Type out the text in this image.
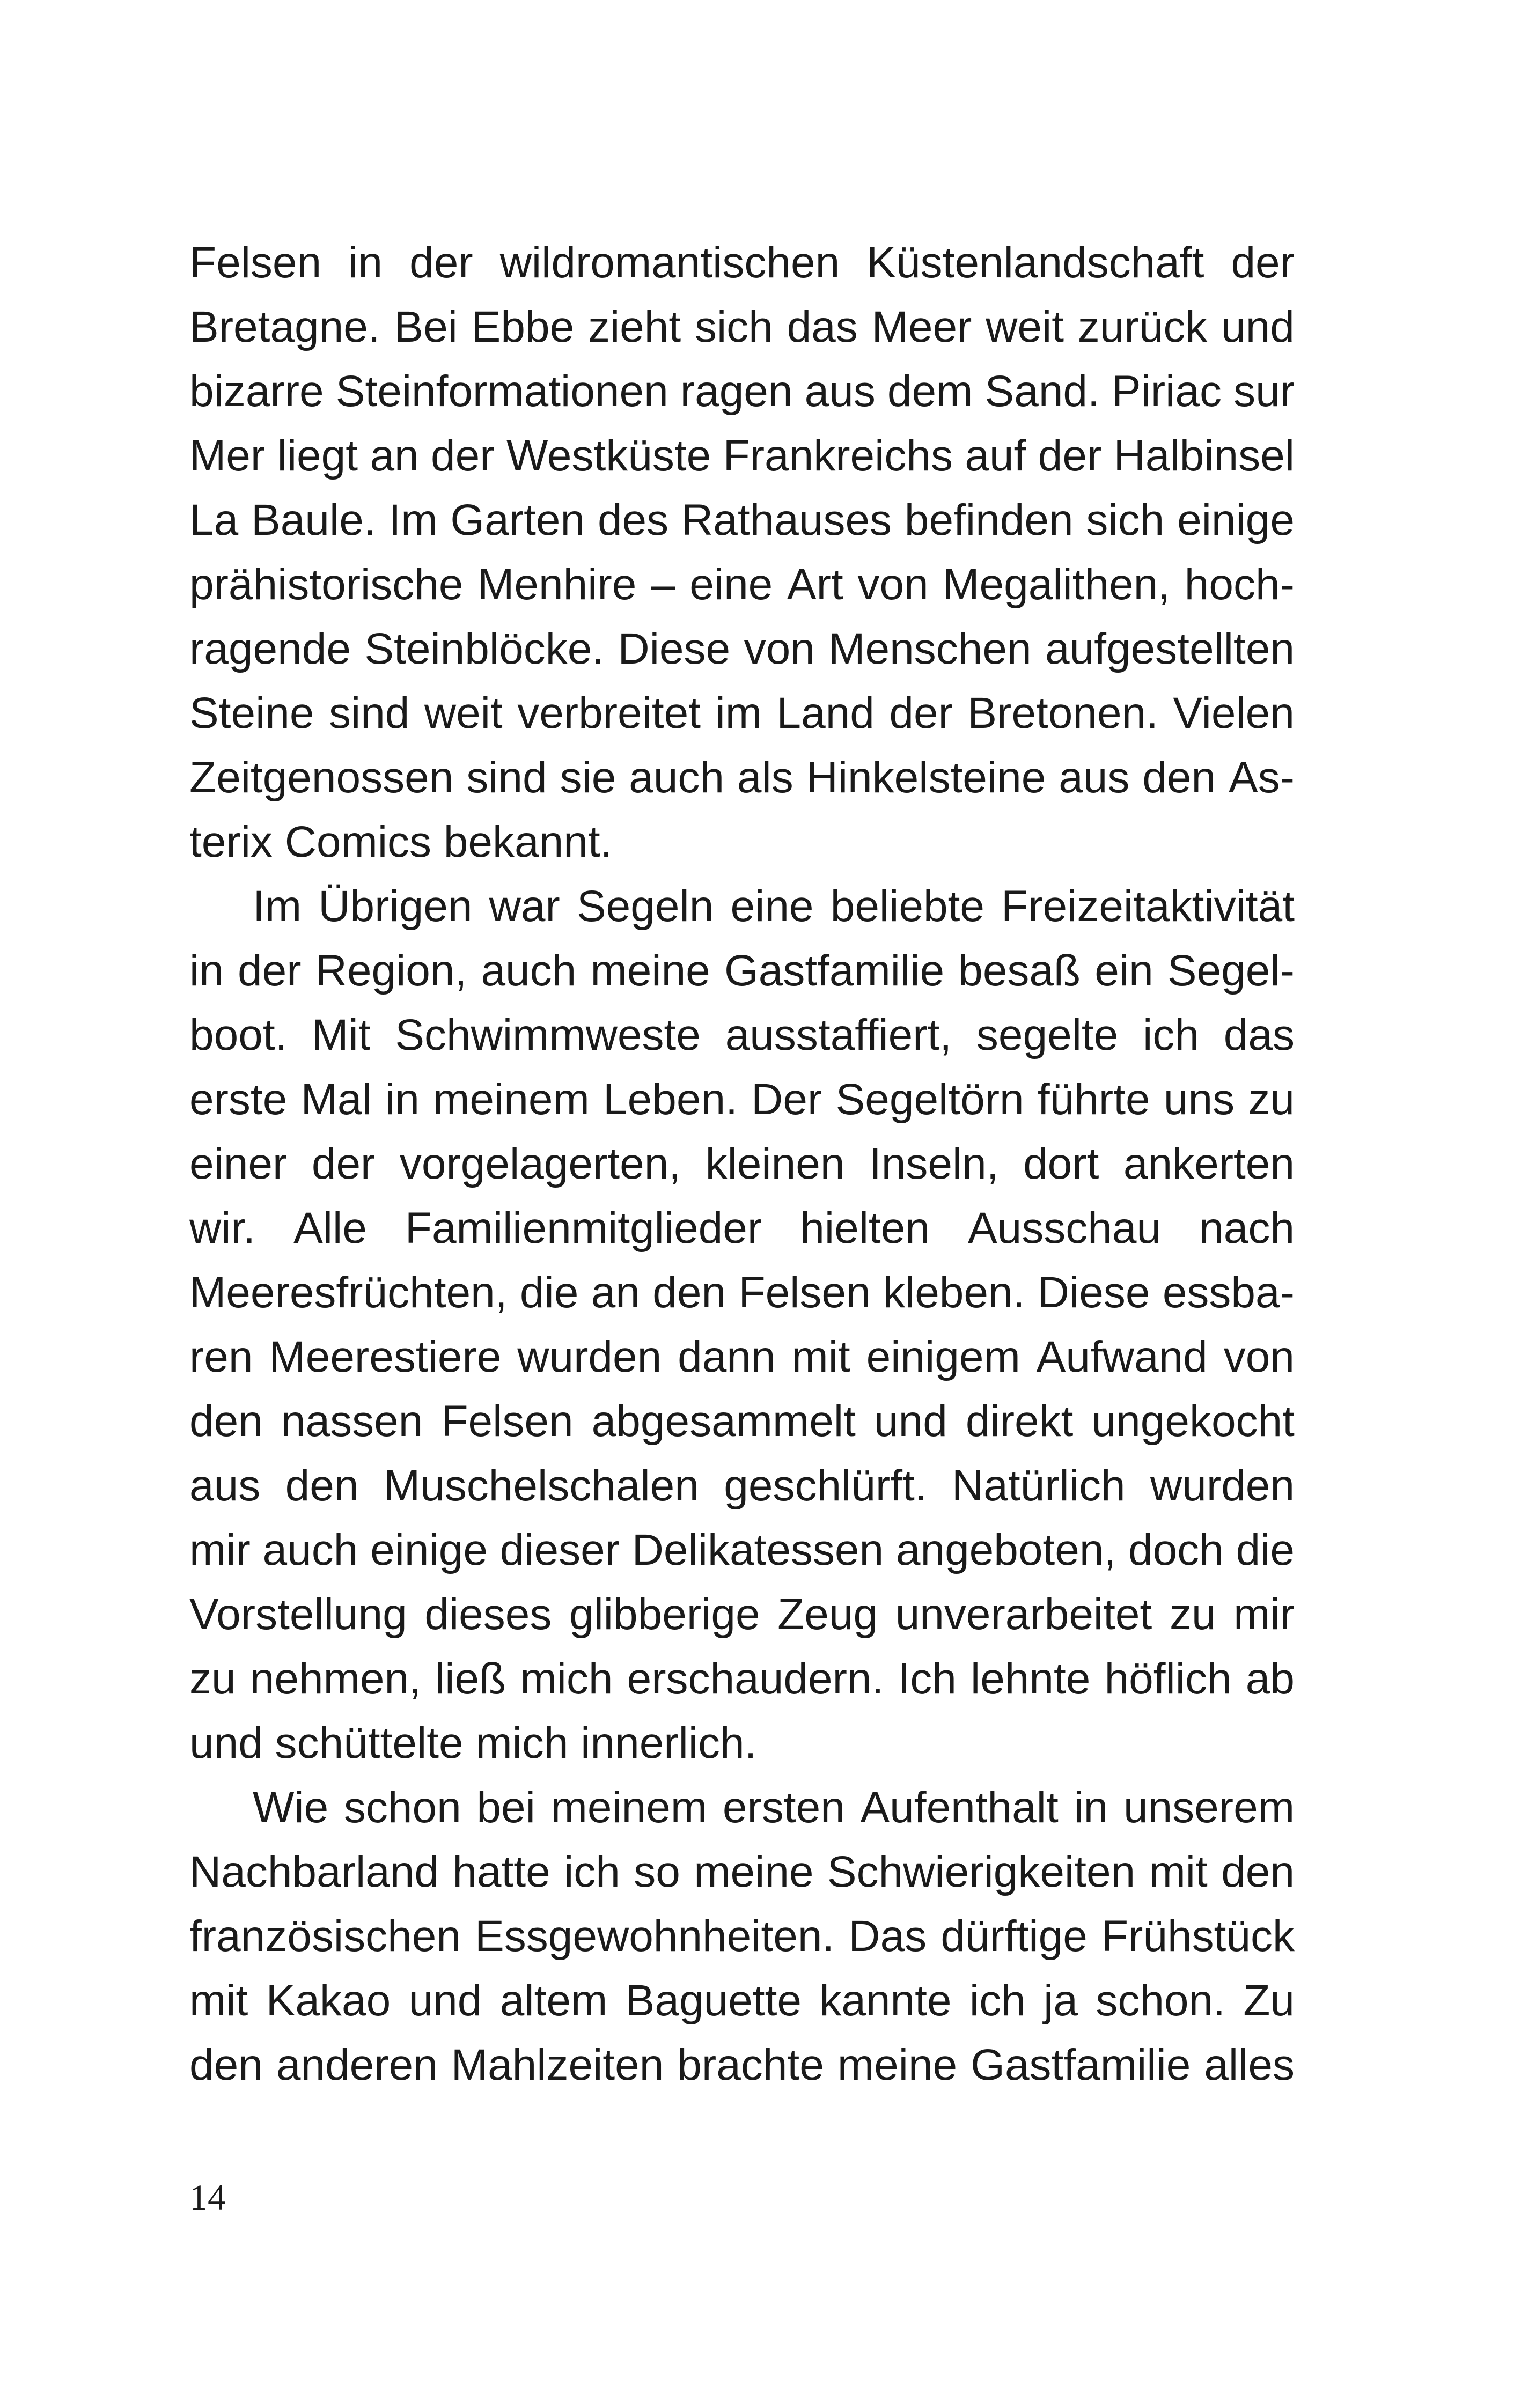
Felsen in der wildromantischen Küstenlandschaft der
Bretagne. Bei Ebbe zieht sich das Meer weit zurück und
bizarre Steinformationen ragen aus dem Sand. Piriac sur
Mer liegt an der Westküste Frankreichs auf der Halbinsel
La Baule. Im Garten des Rathauses befinden sich einige
prähistorische Menhire – eine Art von Megalithen, hoch-
ragende Steinblöcke. Diese von Menschen aufgestellten
Steine sind weit verbreitet im Land der Bretonen. Vielen
Zeitgenossen sind sie auch als Hinkelsteine aus den As-
terix Comics bekannt.
Im Übrigen war Segeln eine beliebte Freizeitaktivität
in der Region, auch meine Gastfamilie besaß ein Segel-
boot. Mit Schwimmweste ausstaffiert, segelte ich das
erste Mal in meinem Leben. Der Segeltörn führte uns zu
einer der vorgelagerten, kleinen Inseln, dort ankerten
wir. Alle Familienmitglieder hielten Ausschau nach
Meeresfrüchten, die an den Felsen kleben. Diese essba-
ren Meerestiere wurden dann mit einigem Aufwand von
den nassen Felsen abgesammelt und direkt ungekocht
aus den Muschelschalen geschlürft. Natürlich wurden
mir auch einige dieser Delikatessen angeboten, doch die
Vorstellung dieses glibberige Zeug unverarbeitet zu mir
zu nehmen, ließ mich erschaudern. Ich lehnte höflich ab
und schüttelte mich innerlich.
Wie schon bei meinem ersten Aufenthalt in unserem
Nachbarland hatte ich so meine Schwierigkeiten mit den
französischen Essgewohnheiten. Das dürftige Frühstück
mit Kakao und altem Baguette kannte ich ja schon. Zu
den anderen Mahlzeiten brachte meine Gastfamilie alles
14
